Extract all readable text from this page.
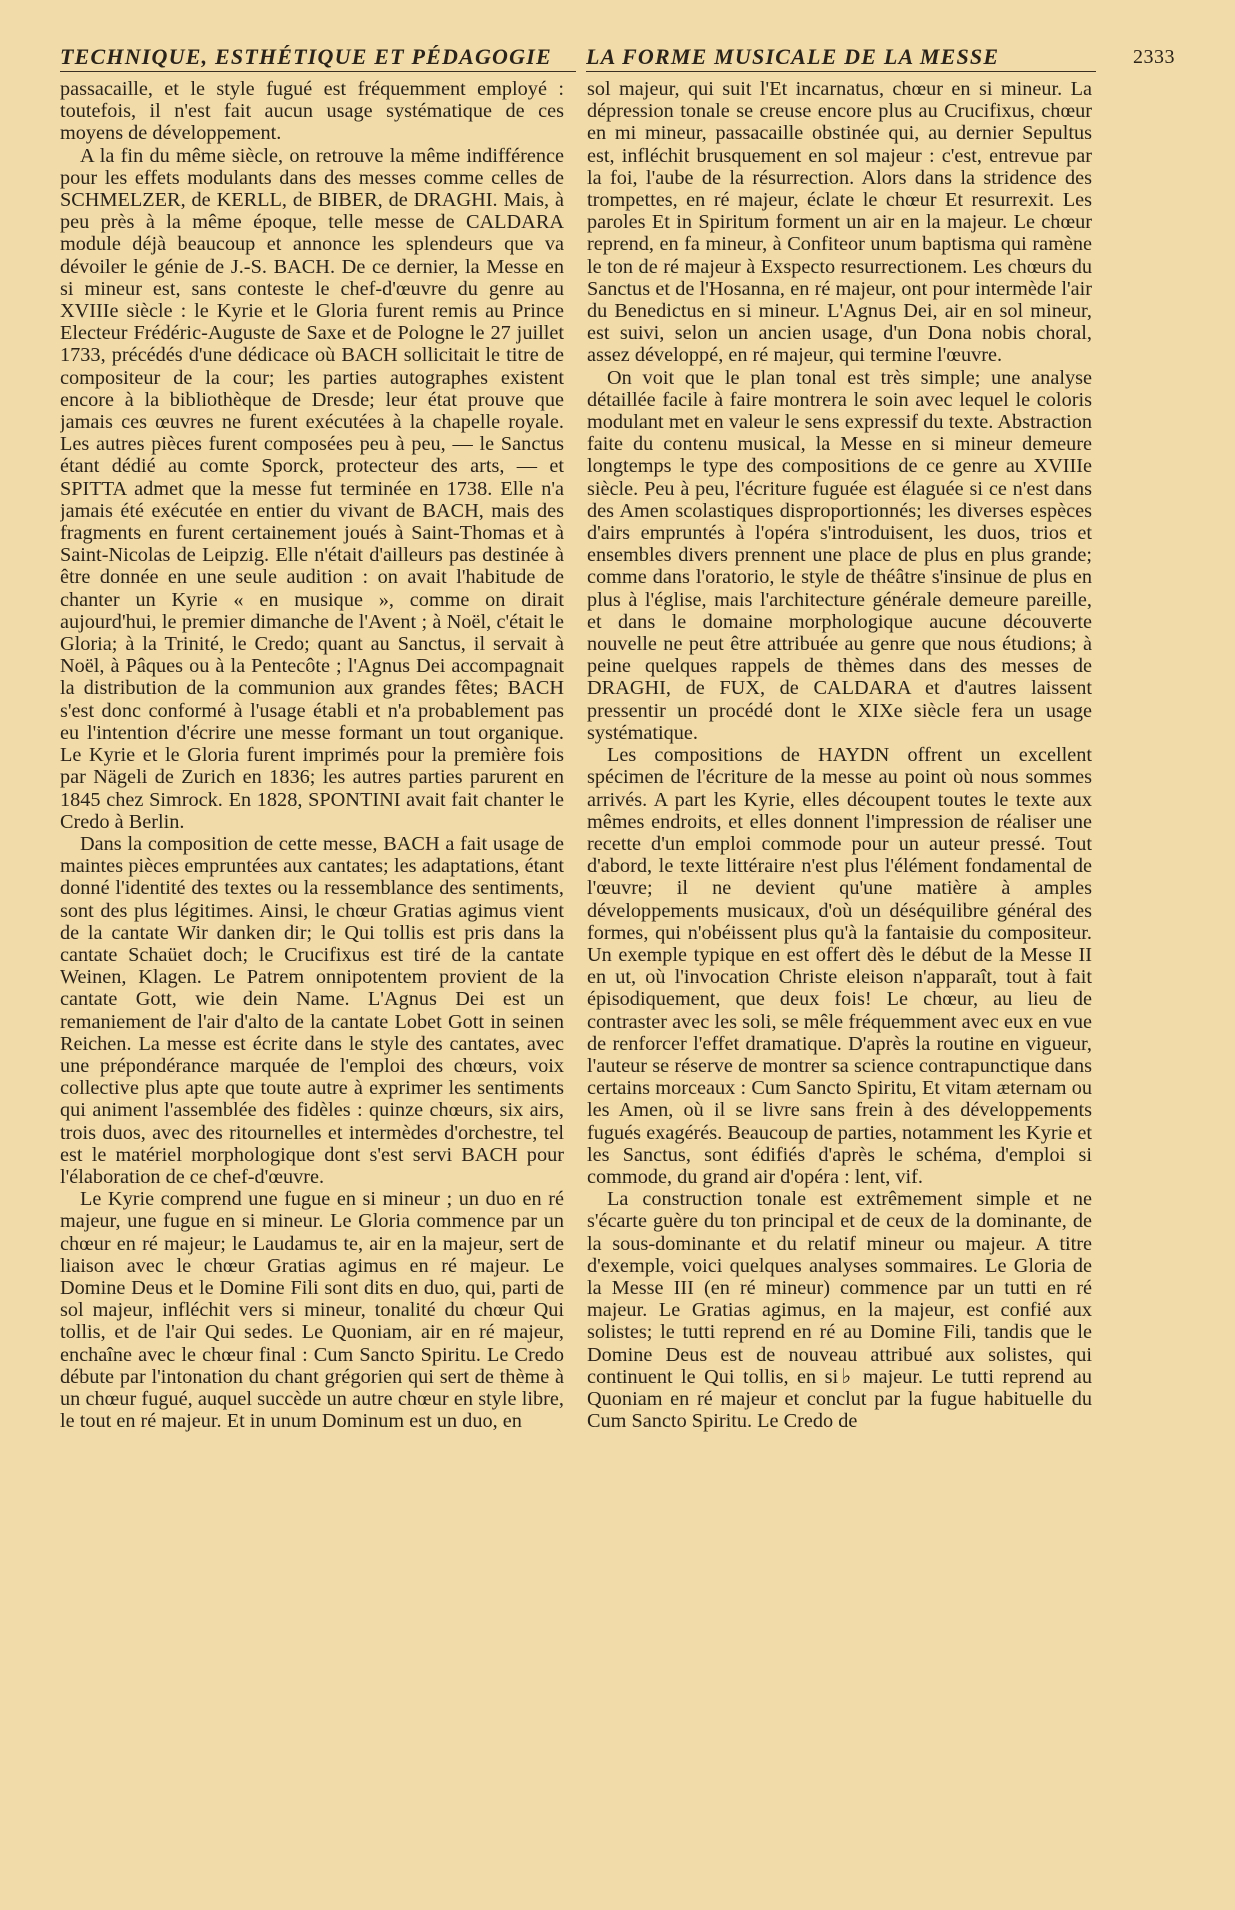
TECHNIQUE, ESTHÉTIQUE ET PÉDAGOGIE	LA FORME MUSICALE DE LA MESSE	2333

passacaille, et le style fugué est fréquemment employé : toutefois, il n'est fait aucun usage systématique de ces moyens de développement.

A la fin du même siècle, on retrouve la même indifférence pour les effets modulants dans des messes comme celles de SCHMELZER, de KERLL, de BIBER, de DRAGHI. Mais, à peu près à la même époque, telle messe de CALDARA module déjà beaucoup et annonce les splendeurs que va dévoiler le génie de J.-S. BACH. De ce dernier, la Messe en si mineur est, sans conteste le chef-d'œuvre du genre au XVIIIe siècle : le Kyrie et le Gloria furent remis au Prince Electeur Frédéric-Auguste de Saxe et de Pologne le 27 juillet 1733, précédés d'une dédicace où BACH sollicitait le titre de compositeur de la cour; les parties autographes existent encore à la bibliothèque de Dresde; leur état prouve que jamais ces œuvres ne furent exécutées à la chapelle royale. Les autres pièces furent composées peu à peu, — le Sanctus étant dédié au comte Sporck, protecteur des arts, — et SPITTA admet que la messe fut terminée en 1738. Elle n'a jamais été exécutée en entier du vivant de BACH, mais des fragments en furent certainement joués à Saint-Thomas et à Saint-Nicolas de Leipzig. Elle n'était d'ailleurs pas destinée à être donnée en une seule audition : on avait l'habitude de chanter un Kyrie « en musique », comme on dirait aujourd'hui, le premier dimanche de l'Avent ; à Noël, c'était le Gloria; à la Trinité, le Credo; quant au Sanctus, il servait à Noël, à Pâques ou à la Pentecôte ; l'Agnus Dei accompagnait la distribution de la communion aux grandes fêtes; BACH s'est donc conformé à l'usage établi et n'a probablement pas eu l'intention d'écrire une messe formant un tout organique. Le Kyrie et le Gloria furent imprimés pour la première fois par Nägeli de Zurich en 1836; les autres parties parurent en 1845 chez Simrock. En 1828, SPONTINI avait fait chanter le Credo à Berlin.

Dans la composition de cette messe, BACH a fait usage de maintes pièces empruntées aux cantates; les adaptations, étant donné l'identité des textes ou la ressemblance des sentiments, sont des plus légitimes. Ainsi, le chœur Gratias agimus vient de la cantate Wir danken dir; le Qui tollis est pris dans la cantate Schaüet doch; le Crucifixus est tiré de la cantate Weinen, Klagen. Le Patrem onnipotentem provient de la cantate Gott, wie dein Name. L'Agnus Dei est un remaniement de l'air d'alto de la cantate Lobet Gott in seinen Reichen. La messe est écrite dans le style des cantates, avec une prépondérance marquée de l'emploi des chœurs, voix collective plus apte que toute autre à exprimer les sentiments qui animent l'assemblée des fidèles : quinze chœurs, six airs, trois duos, avec des ritournelles et intermèdes d'orchestre, tel est le matériel morphologique dont s'est servi BACH pour l'élaboration de ce chef-d'œuvre.

Le Kyrie comprend une fugue en si mineur ; un duo en ré majeur, une fugue en si mineur. Le Gloria commence par un chœur en ré majeur; le Laudamus te, air en la majeur, sert de liaison avec le chœur Gratias agimus en ré majeur. Le Domine Deus et le Domine Fili sont dits en duo, qui, parti de sol majeur, infléchit vers si mineur, tonalité du chœur Qui tollis, et de l'air Qui sedes. Le Quoniam, air en ré majeur, enchaîne avec le chœur final : Cum Sancto Spiritu. Le Credo débute par l'intonation du chant grégorien qui sert de thème à un chœur fugué, auquel succède un autre chœur en style libre, le tout en ré majeur. Et in unum Dominum est un duo, en

sol majeur, qui suit l'Et incarnatus, chœur en si mineur. La dépression tonale se creuse encore plus au Crucifixus, chœur en mi mineur, passacaille obstinée qui, au dernier Sepultus est, infléchit brusquement en sol majeur : c'est, entrevue par la foi, l'aube de la résurrection. Alors dans la stridence des trompettes, en ré majeur, éclate le chœur Et resurrexit. Les paroles Et in Spiritum forment un air en la majeur. Le chœur reprend, en fa mineur, à Confiteor unum baptisma qui ramène le ton de ré majeur à Exspecto resurrectionem. Les chœurs du Sanctus et de l'Hosanna, en ré majeur, ont pour intermède l'air du Benedictus en si mineur. L'Agnus Dei, air en sol mineur, est suivi, selon un ancien usage, d'un Dona nobis choral, assez développé, en ré majeur, qui termine l'œuvre.

On voit que le plan tonal est très simple; une analyse détaillée facile à faire montrera le soin avec lequel le coloris modulant met en valeur le sens expressif du texte. Abstraction faite du contenu musical, la Messe en si mineur demeure longtemps le type des compositions de ce genre au XVIIIe siècle. Peu à peu, l'écriture fuguée est élaguée si ce n'est dans des Amen scolastiques disproportionnés; les diverses espèces d'airs empruntés à l'opéra s'introduisent, les duos, trios et ensembles divers prennent une place de plus en plus grande; comme dans l'oratorio, le style de théâtre s'insinue de plus en plus à l'église, mais l'architecture générale demeure pareille, et dans le domaine morphologique aucune découverte nouvelle ne peut être attribuée au genre que nous étudions; à peine quelques rappels de thèmes dans des messes de DRAGHI, de FUX, de CALDARA et d'autres laissent pressentir un procédé dont le XIXe siècle fera un usage systématique.

Les compositions de HAYDN offrent un excellent spécimen de l'écriture de la messe au point où nous sommes arrivés. A part les Kyrie, elles découpent toutes le texte aux mêmes endroits, et elles donnent l'impression de réaliser une recette d'un emploi commode pour un auteur pressé. Tout d'abord, le texte littéraire n'est plus l'élément fondamental de l'œuvre; il ne devient qu'une matière à amples développements musicaux, d'où un déséquilibre général des formes, qui n'obéissent plus qu'à la fantaisie du compositeur. Un exemple typique en est offert dès le début de la Messe II en ut, où l'invocation Christe eleison n'apparaît, tout à fait épisodiquement, que deux fois! Le chœur, au lieu de contraster avec les soli, se mêle fréquemment avec eux en vue de renforcer l'effet dramatique. D'après la routine en vigueur, l'auteur se réserve de montrer sa science contrapunctique dans certains morceaux : Cum Sancto Spiritu, Et vitam æternam ou les Amen, où il se livre sans frein à des développements fugués exagérés. Beaucoup de parties, notamment les Kyrie et les Sanctus, sont édifiés d'après le schéma, d'emploi si commode, du grand air d'opéra : lent, vif.

La construction tonale est extrêmement simple et ne s'écarte guère du ton principal et de ceux de la dominante, de la sous-dominante et du relatif mineur ou majeur. A titre d'exemple, voici quelques analyses sommaires. Le Gloria de la Messe III (en ré mineur) commence par un tutti en ré majeur. Le Gratias agimus, en la majeur, est confié aux solistes; le tutti reprend en ré au Domine Fili, tandis que le Domine Deus est de nouveau attribué aux solistes, qui continuent le Qui tollis, en si♭ majeur. Le tutti reprend au Quoniam en ré majeur et conclut par la fugue habituelle du Cum Sancto Spiritu. Le Credo de
